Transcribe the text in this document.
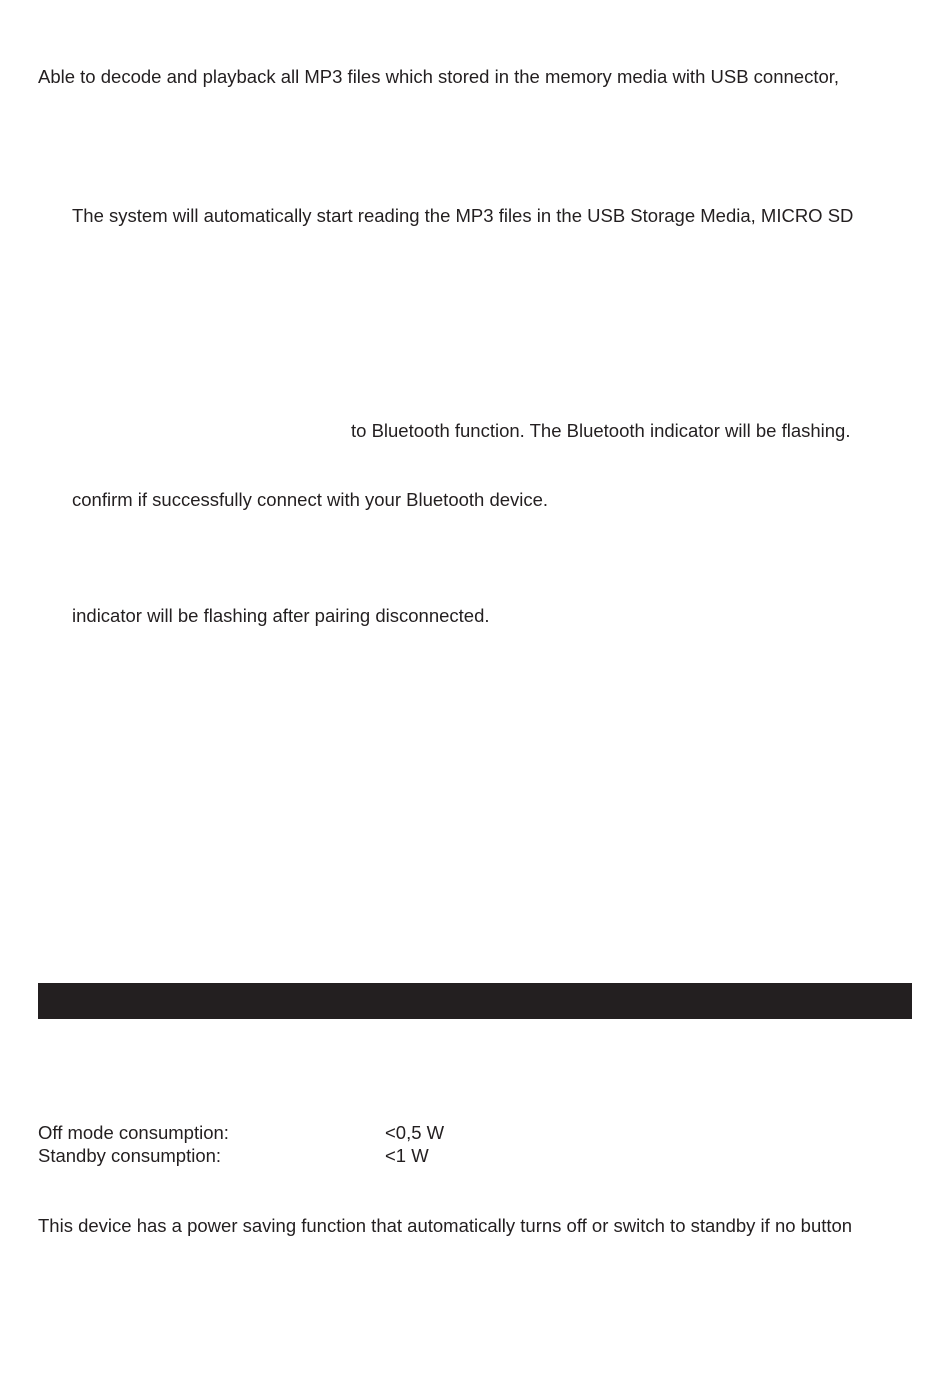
Able to decode and playback all MP3 files which stored in the memory media with USB connector,
The system will automatically start reading the MP3 files in the USB Storage Media, MICRO SD
to Bluetooth function. The Bluetooth indicator will be flashing.
confirm if successfully connect with your Bluetooth device.
indicator will be flashing after pairing disconnected.
Off mode consumption:	<0,5 W
Standby consumption:	<1 W
This device has a power saving function that automatically turns off or switch to standby if no button
